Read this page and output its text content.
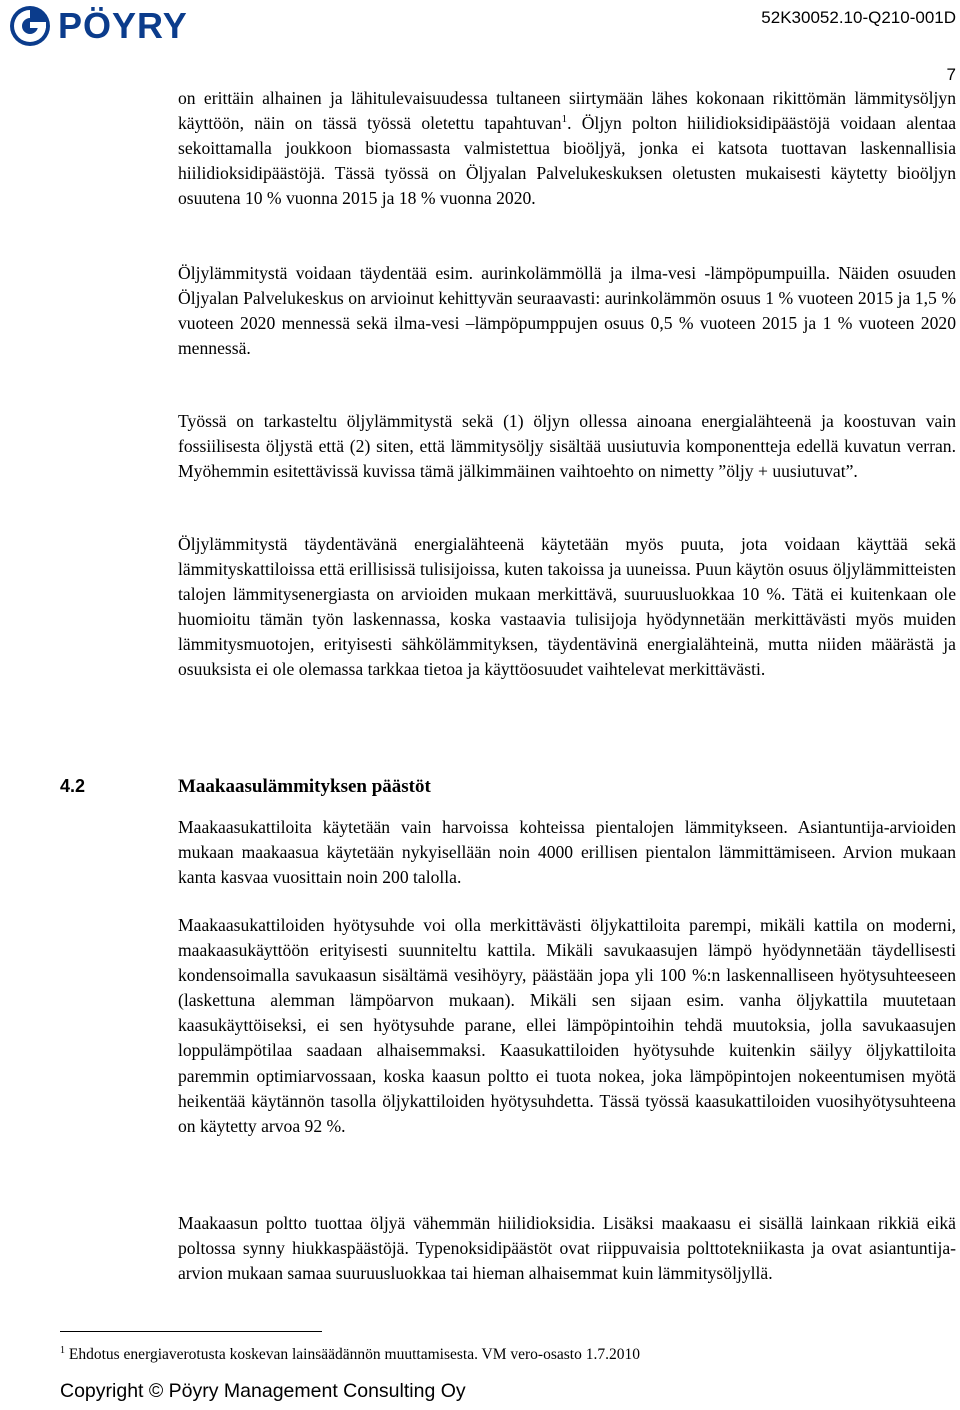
PÖYRY	52K30052.10-Q210-001D
7

on erittäin alhainen ja lähitulevaisuudessa tultaneen siirtymään lähes kokonaan rikittömän lämmitysöljyn käyttöön, näin on tässä työssä oletettu tapahtuvan$^1$. Öljyn polton hiilidioksidipäästöjä voidaan alentaa sekoittamalla joukkoon biomassasta valmistettua bioöljyä, jonka ei katsota tuottavan laskennallisia hiilidioksidipäästöjä. Tässä työssä on Öljyalan Palvelukeskuksen oletusten mukaisesti käytetty bioöljyn osuutena 10 % vuonna 2015 ja 18 % vuonna 2020.

Öljylämmitystä voidaan täydentää esim. aurinkolämmöllä ja ilma-vesi -lämpöpumpuilla. Näiden osuuden Öljyalan Palvelukeskus on arvioinut kehittyvän seuraavasti: aurinkolämmön osuus 1 % vuoteen 2015 ja 1,5 % vuoteen 2020 mennessä sekä ilma-vesi –lämpöpumppujen osuus 0,5 % vuoteen 2015 ja 1 % vuoteen 2020 mennessä.

Työssä on tarkasteltu öljylämmitystä sekä (1) öljyn ollessa ainoana energialähteenä ja koostuvan vain fossiilisesta öljystä että (2) siten, että lämmitysöljy sisältää uusiutuvia komponentteja edellä kuvatun verran. Myöhemmin esitettävissä kuvissa tämä jälkimmäinen vaihtoehto on nimetty ”öljy + uusiutuvat”.

Öljylämmitystä täydentävänä energialähteenä käytetään myös puuta, jota voidaan käyttää sekä lämmityskattiloissa että erillisissä tulisijoissa, kuten takoissa ja uuneissa. Puun käytön osuus öljylämmitteisten talojen lämmitysenergiasta on arvioiden mukaan merkittävä, suuruusluokkaa 10 %. Tätä ei kuitenkaan ole huomioitu tämän työn laskennassa, koska vastaavia tulisijoja hyödynnetään merkittävästi myös muiden lämmitysmuotojen, erityisesti sähkölämmityksen, täydentävinä energialähteinä, mutta niiden määrästä ja osuuksista ei ole olemassa tarkkaa tietoa ja käyttöosuudet vaihtelevat merkittävästi.

4.2	Maakaasulämmityksen päästöt

Maakaasukattiloita käytetään vain harvoissa kohteissa pientalojen lämmitykseen. Asiantuntija-arvioiden mukaan maakaasua käytetään nykyisellään noin 4000 erillisen pientalon lämmittämiseen. Arvion mukaan kanta kasvaa vuosittain noin 200 talolla.

Maakaasukattiloiden hyötysuhde voi olla merkittävästi öljykattiloita parempi, mikäli kattila on moderni, maakaasukäyttöön erityisesti suunniteltu kattila. Mikäli savukaasujen lämpö hyödynnetään täydellisesti kondensoimalla savukaasun sisältämä vesihöyry, päästään jopa yli 100 %:n laskennalliseen hyötysuhteeseen (laskettuna alemman lämpöarvon mukaan). Mikäli sen sijaan esim. vanha öljykattila muutetaan kaasukäyttöiseksi, ei sen hyötysuhde parane, ellei lämpöpintoihin tehdä muutoksia, jolla savukaasujen loppulämpötilaa saadaan alhaisemmaksi. Kaasukattiloiden hyötysuhde kuitenkin säilyy öljykattiloita paremmin optimiarvossaan, koska kaasun poltto ei tuota nokea, joka lämpöpintojen nokeentumisen myötä heikentää käytännön tasolla öljykattiloiden hyötysuhdetta. Tässä työssä kaasukattiloiden vuosihyötysuhteena on käytetty arvoa 92 %.

Maakaasun poltto tuottaa öljyä vähemmän hiilidioksidia. Lisäksi maakaasu ei sisällä lainkaan rikkiä eikä poltossa synny hiukkaspäästöjä. Typenoksidipäästöt ovat riippuvaisia polttotekniikasta ja ovat asiantuntija-arvion mukaan samaa suuruusluokkaa tai hieman alhaisemmat kuin lämmitysöljyllä.

$^1$ Ehdotus energiaverotusta koskevan lainsäädännön muuttamisesta. VM vero-osasto 1.7.2010
Copyright © Pöyry Management Consulting Oy
